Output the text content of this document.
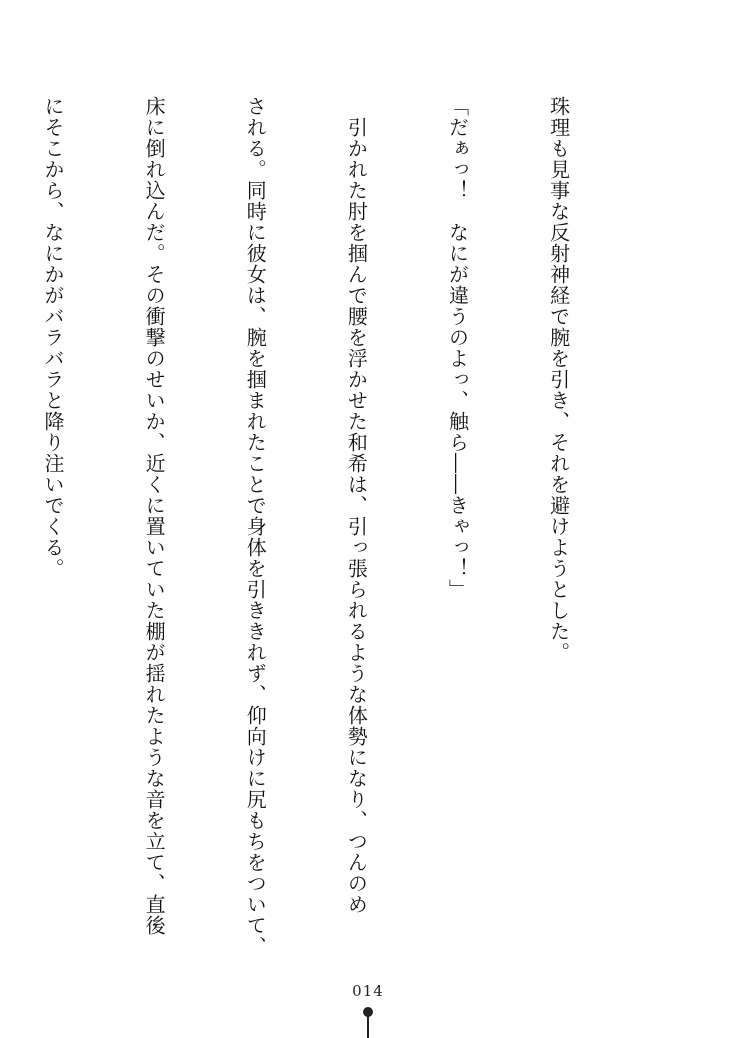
珠理も見事な反射神経で腕を引き、それを避けようとした。

「だぁっ！　なにが違うのよっ、触ら――きゃっ！」

　引かれた肘を掴んで腰を浮かせた和希は、引っ張られるような体勢になり、つんのめ

される。同時に彼女は、腕を掴まれたことで身体を引ききれず、仰向けに尻もちをついて、

床に倒れ込んだ。その衝撃のせいか、近くに置いていた棚が揺れたような音を立て、直後

にそこから、なにかがバラバラと降り注いでくる。

014
